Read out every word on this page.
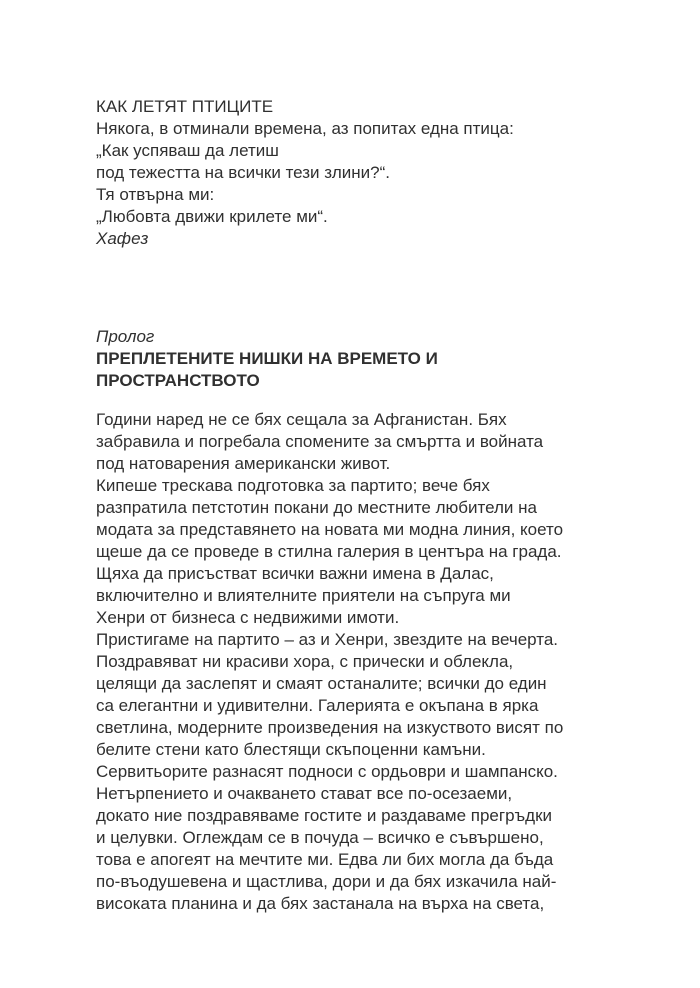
КАК ЛЕТЯТ ПТИЦИТЕ

Някога, в отминали времена, аз попитах една птица:

„Как успяваш да летиш

под тежестта на всички тези злини?“.

Тя отвърна ми:

„Любовта движи крилете ми“.

Хафез

Пролог

ПРЕПЛЕТЕНИТЕ НИШКИ НА ВРЕМЕТО И

ПРОСТРАНСТВОТО

Години наред не се бях сещала за Афганистан. Бях

забравила и погребала спомените за смъртта и войната

под натоварения американски живот.

Кипеше трескава подготовка за партито; вече бях

разпратила петстотин покани до местните любители на

модата за представянето на новата ми модна линия, което

щеше да се проведе в стилна галерия в центъра на града.

Щяха да присъстват всички важни имена в Далас,

включително и влиятелните приятели на съпруга ми

Хенри от бизнеса с недвижими имоти.

Пристигаме на партито – аз и Хенри, звездите на вечерта.

Поздравяват ни красиви хора, с прически и облекла,

целящи да заслепят и смаят останалите; всички до един

са елегантни и удивителни. Галерията е окъпана в ярка

светлина, модерните произведения на изкуството висят по

белите стени като блестящи скъпоценни камъни.

Сервитьорите разнасят подноси с ордьоври и шампанско.

Нетърпението и очакването стават все по-осезаеми,

докато ние поздравяваме гостите и раздаваме прегръдки

и целувки. Оглеждам се в почуда – всичко е съвършено,

това е апогеят на мечтите ми. Едва ли бих могла да бъда

по-въодушевена и щастлива, дори и да бях изкачила най-

високата планина и да бях застанала на върха на света,
